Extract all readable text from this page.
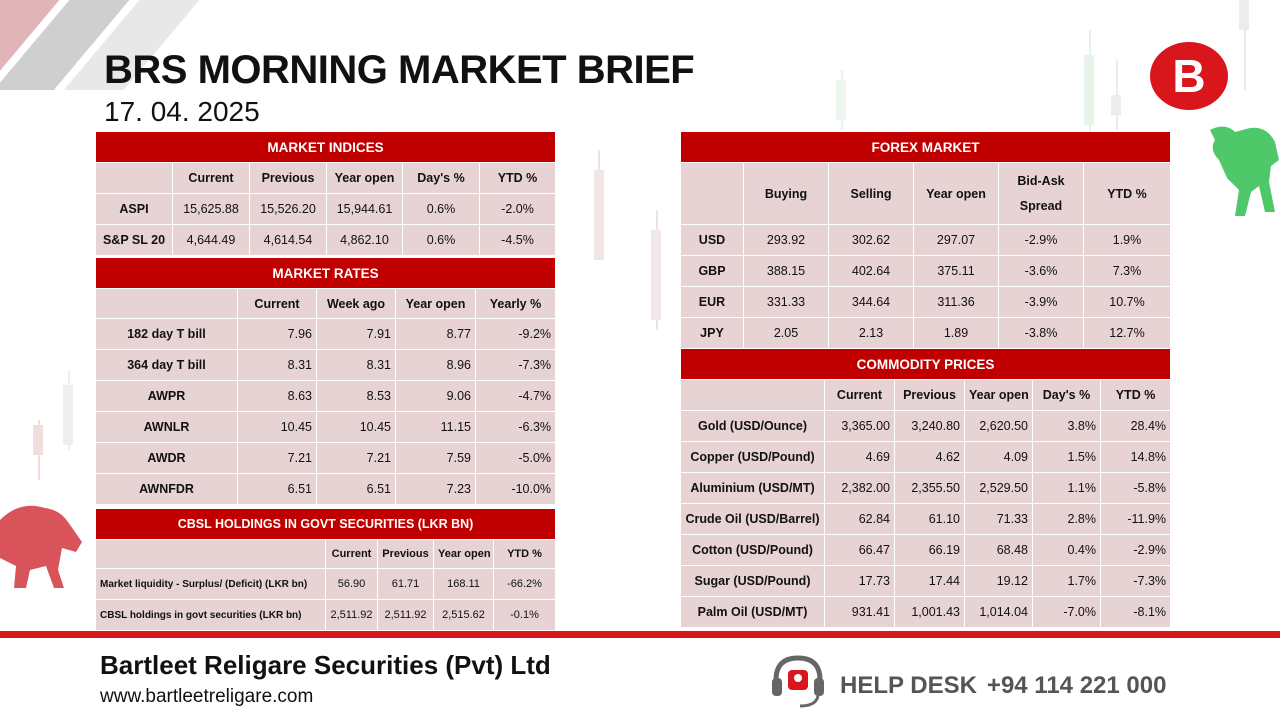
BRS MORNING MARKET BRIEF
17. 04. 2025
B
MARKET INDICES					
	Current	Previous	Year open	Day's %	YTD %
ASPI	15,625.88	15,526.20	15,944.61	0.6%	-2.0%
S&P SL 20	4,644.49	4,614.54	4,862.10	0.6%	-4.5%
MARKET RATES				
	Current	Week ago	Year open	Yearly %
182 day T bill	7.96	7.91	8.77	-9.2%
364 day T bill	8.31	8.31	8.96	-7.3%
AWPR	8.63	8.53	9.06	-4.7%
AWNLR	10.45	10.45	11.15	-6.3%
AWDR	7.21	7.21	7.59	-5.0%
AWNFDR	6.51	6.51	7.23	-10.0%
CBSL HOLDINGS IN GOVT SECURITIES (LKR BN)				
	Current	Previous	Year open	YTD %
Market liquidity - Surplus/ (Deficit) (LKR bn)	56.90	61.71	168.11	-66.2%
CBSL holdings in govt securities (LKR bn)	2,511.92	2,511.92	2,515.62	-0.1%
FOREX MARKET					
	Buying	Selling	Year open	Bid-Ask Spread	YTD %
USD	293.92	302.62	297.07	-2.9%	1.9%
GBP	388.15	402.64	375.11	-3.6%	7.3%
EUR	331.33	344.64	311.36	-3.9%	10.7%
JPY	2.05	2.13	1.89	-3.8%	12.7%
COMMODITY PRICES					
	Current	Previous	Year open	Day's %	YTD %
Gold (USD/Ounce)	3,365.00	3,240.80	2,620.50	3.8%	28.4%
Copper (USD/Pound)	4.69	4.62	4.09	1.5%	14.8%
Aluminium (USD/MT)	2,382.00	2,355.50	2,529.50	1.1%	-5.8%
Crude Oil (USD/Barrel)	62.84	61.10	71.33	2.8%	-11.9%
Cotton (USD/Pound)	66.47	66.19	68.48	0.4%	-2.9%
Sugar (USD/Pound)	17.73	17.44	19.12	1.7%	-7.3%
Palm Oil (USD/MT)	931.41	1,001.43	1,014.04	-7.0%	-8.1%
Bartleet Religare Securities (Pvt) Ltd
www.bartleetreligare.com	HELP DESK +94 114 221 000
